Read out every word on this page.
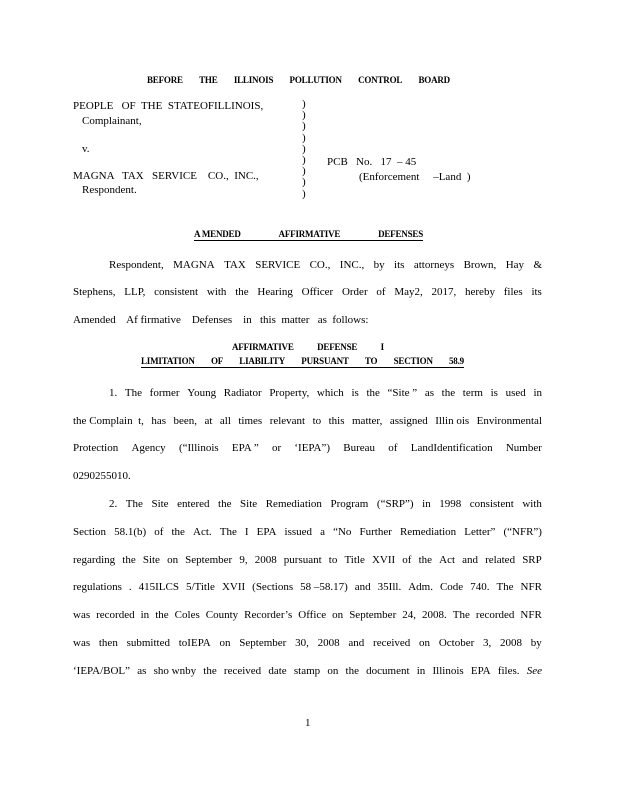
BEFORE THE ILLINOIS POLLUTION CONTROL BOARD
PEOPLE   OF  THE  STATEOFILLINOIS,
Complainant,
v.
MAGNA   TAX   SERVICE    CO.,  INC.,
Respondent.
)
)
)
)
)
)
)
)
)
PCB   No.   17  – 45
(Enforcement     –Land  )
A MENDED	AFFIRMATIVE	DEFENSES
Respondent, MAGNA TAX SERVICE CO., INC., by its attorneys Brown, Hay &
Stephens, LLP, consistent with the Hearing Officer Order of May2, 2017, hereby files its
Amended    Af firmative    Defenses    in   this  matter   as  follows:
AFFIRMATIVE	DEFENSE	I
LIMITATION OF LIABILITY PURSUANT TO SECTION 58.9
1. The former Young Radiator Property, which is the “Site ” as the term is used in
the Complain  t, has been, at all times relevant to this matter, assigned Illin ois Environmental
Protection Agency (“Illinois EPA ” or ‘IEPA”) Bureau of LandIdentification Number
0290255010.
2. The Site entered the Site Remediation Program (“SRP”) in 1998 consistent with
Section 58.1(b) of the Act. The I EPA issued a “No Further Remediation Letter” (“NFR”)
regarding the Site on September 9, 2008 pursuant to Title XVII of the Act and related SRP
regulations . 415ILCS 5/Title XVII (Sections 58 –58.17) and 35Ill. Adm. Code 740. The NFR
was recorded in the Coles County Recorder’s Office on September 24, 2008. The recorded NFR
was then submitted toIEPA on September 30, 2008 and received on October 3, 2008 by
‘IEPA/BOL” as sho wnby the received date stamp on the document in Illinois EPA files. See
1
